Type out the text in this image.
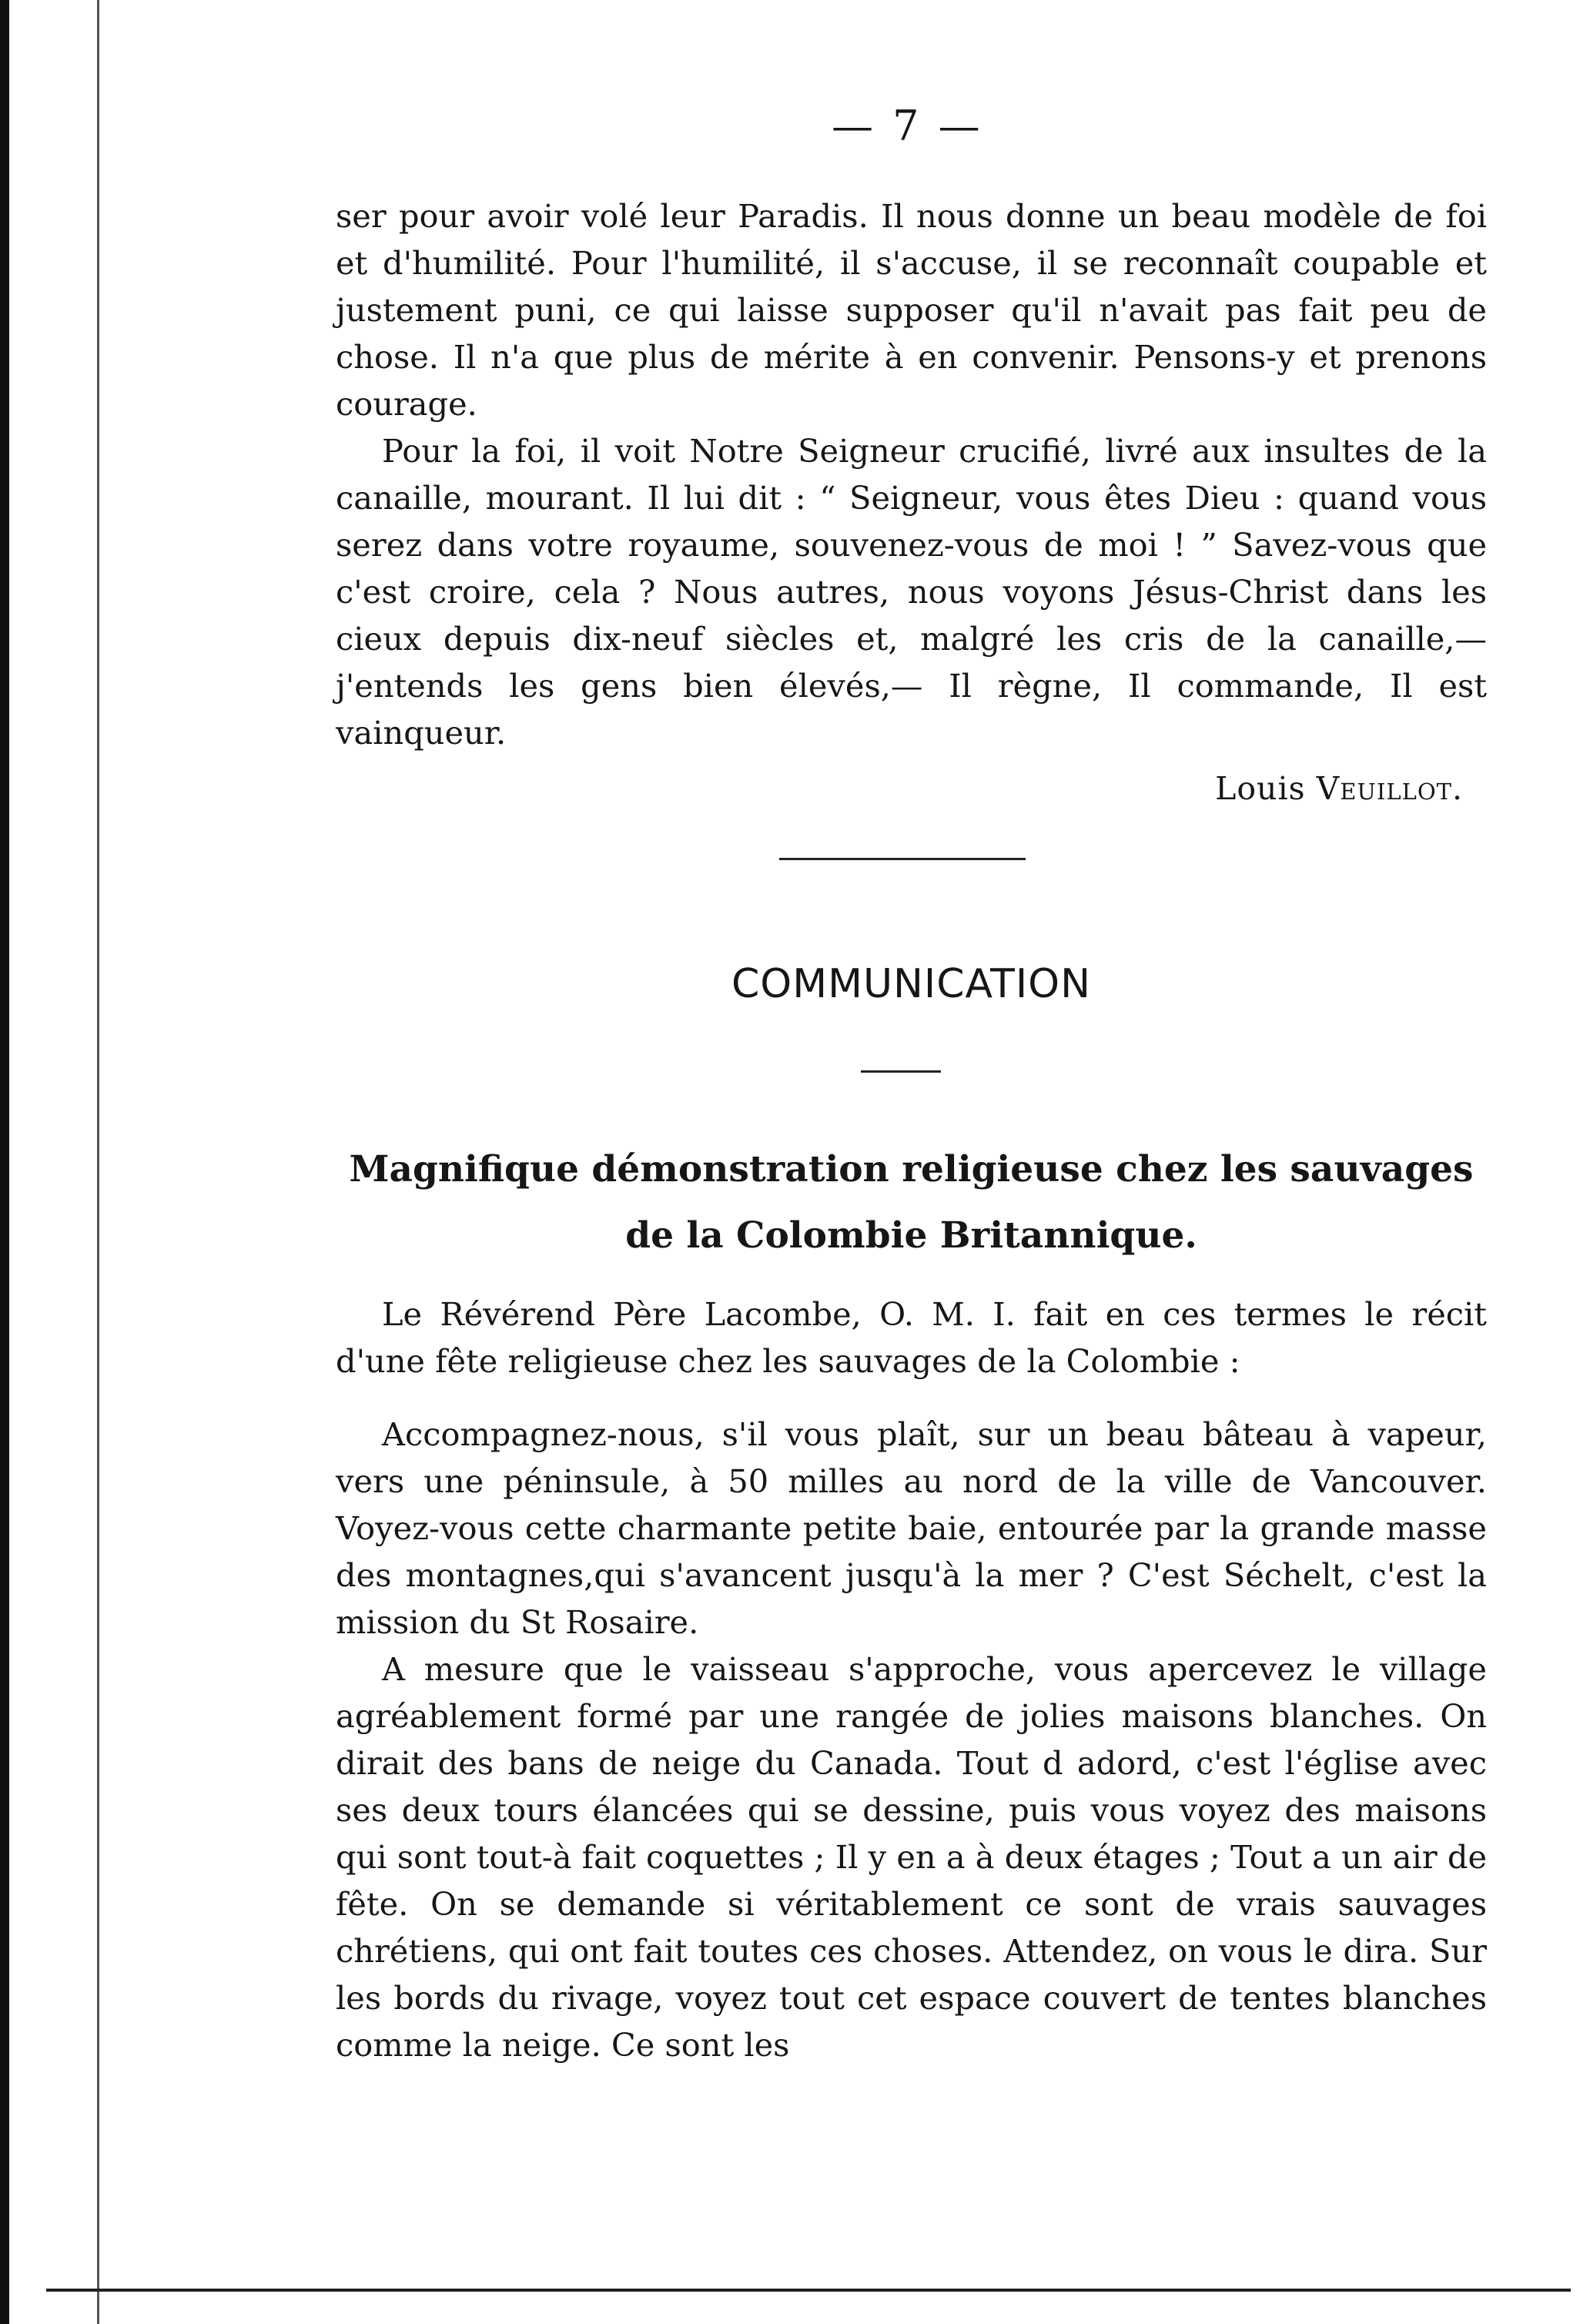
— 7 —
ser pour avoir volé leur Paradis. Il nous donne un beau modèle de foi et d'humilité. Pour l'humilité, il s'accuse, il se reconnaît coupable et justement puni, ce qui laisse supposer qu'il n'avait pas fait peu de chose. Il n'a que plus de mérite à en convenir. Pensons-y et prenons courage.
Pour la foi, il voit Notre Seigneur crucifié, livré aux insultes de la canaille, mourant. Il lui dit : “ Seigneur, vous êtes Dieu : quand vous serez dans votre royaume, souvenez-vous de moi ! ” Savez-vous que c'est croire, cela ? Nous autres, nous voyons Jésus-Christ dans les cieux depuis dix-neuf siècles et, malgré les cris de la canaille,— j'entends les gens bien élevés,— Il règne, Il commande, Il est vainqueur.
Louis Veuillot.
COMMUNICATION
Magnifique démonstration religieuse chez les sauvages
de la Colombie Britannique.
Le Révérend Père Lacombe, O. M. I. fait en ces termes le récit d'une fête religieuse chez les sauvages de la Colombie :
Accompagnez-nous, s'il vous plaît, sur un beau bâteau à vapeur, vers une péninsule, à 50 milles au nord de la ville de Vancouver. Voyez-vous cette charmante petite baie, entourée par la grande masse des montagnes,qui s'avancent jusqu'à la mer ? C'est Séchelt, c'est la mission du St Rosaire.
A mesure que le vaisseau s'approche, vous apercevez le village agréablement formé par une rangée de jolies maisons blanches. On dirait des bans de neige du Canada. Tout d adord, c'est l'église avec ses deux tours élancées qui se dessine, puis vous voyez des maisons qui sont tout-à fait coquettes ; Il y en a à deux étages ; Tout a un air de fête. On se demande si véritablement ce sont de vrais sauvages chrétiens, qui ont fait toutes ces choses. Attendez, on vous le dira. Sur les bords du rivage, voyez tout cet espace couvert de tentes blanches comme la neige. Ce sont les
